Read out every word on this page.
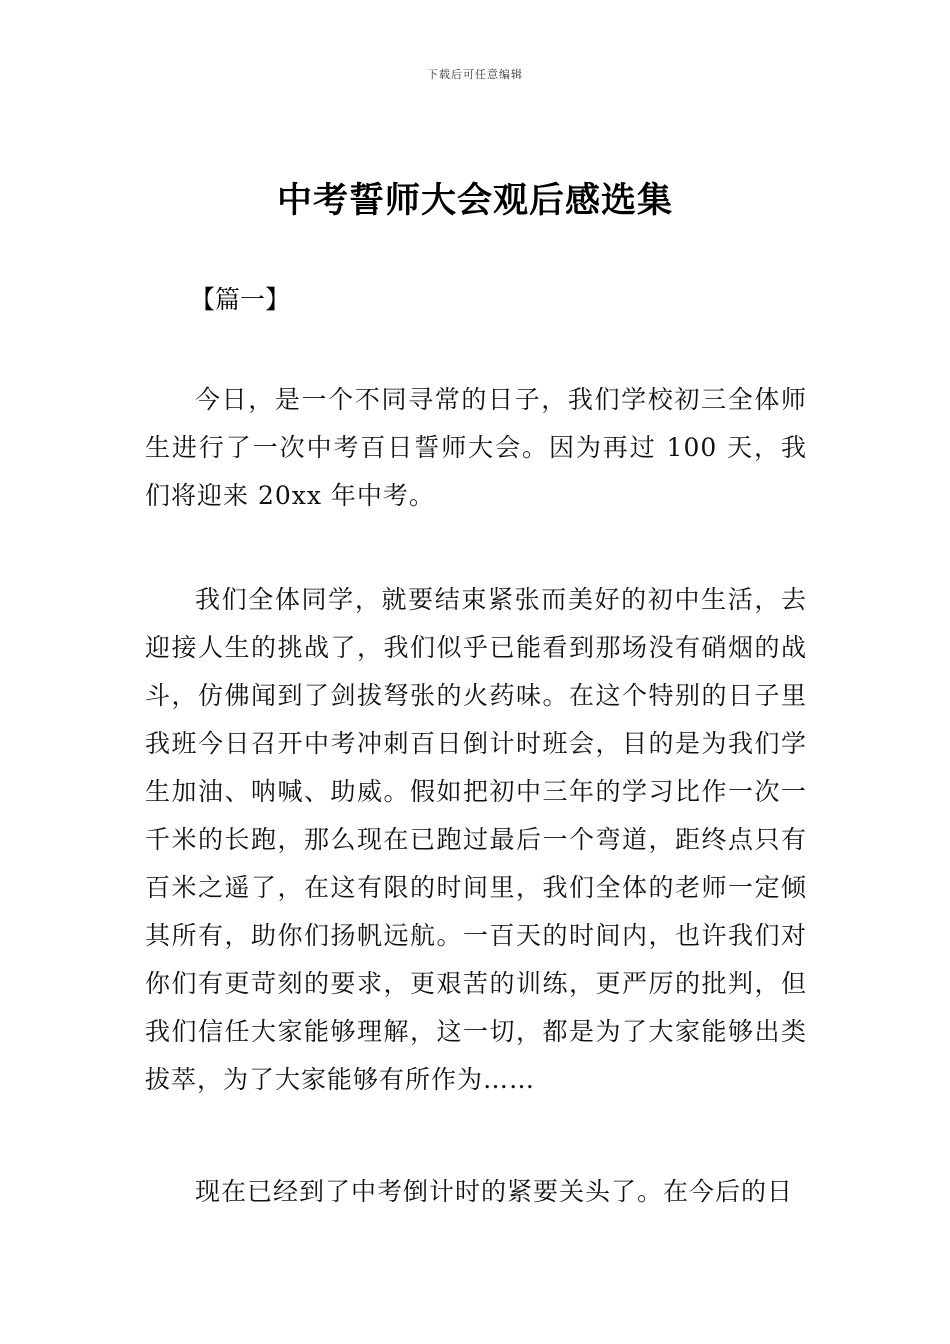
下载后可任意编辑
中考誓师大会观后感选集
【篇一】
今日，是一个不同寻常的日子，我们学校初三全体师生进行了一次中考百日誓师大会。因为再过 100 天，我们将迎来 20xx 年中考。
我们全体同学，就要结束紧张而美好的初中生活，去迎接人生的挑战了，我们似乎已能看到那场没有硝烟的战斗，仿佛闻到了剑拔弩张的火药味。在这个特别的日子里我班今日召开中考冲刺百日倒计时班会，目的是为我们学生加油、呐喊、助威。假如把初中三年的学习比作一次一千米的长跑，那么现在已跑过最后一个弯道，距终点只有百米之遥了，在这有限的时间里，我们全体的老师一定倾其所有，助你们扬帆远航。一百天的时间内，也许我们对你们有更苛刻的要求，更艰苦的训练，更严厉的批判，但我们信任大家能够理解，这一切，都是为了大家能够出类拔萃，为了大家能够有所作为……
现在已经到了中考倒计时的紧要关头了。在今后的日
